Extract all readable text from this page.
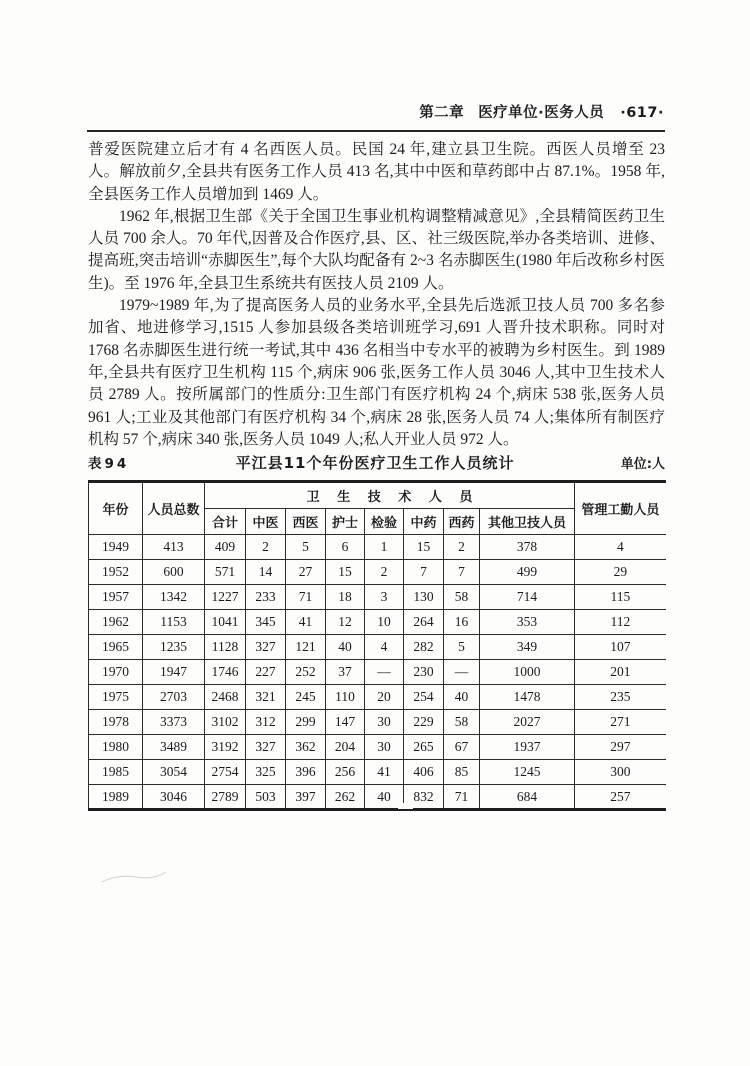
第二章 医疗单位·医务人员 ·617·

普爱医院建立后才有 4 名西医人员。民国 24 年,建立县卫生院。西医人员增至 23 人。解放前夕,全县共有医务工作人员 413 名,其中中医和草药郎中占 87.1%。1958 年,全县医务工作人员增加到 1469 人。

1962 年,根据卫生部《关于全国卫生事业机构调整精减意见》,全县精简医药卫生人员 700 余人。70 年代,因普及合作医疗,县、区、社三级医院,举办各类培训、进修、提高班,突击培训“赤脚医生”,每个大队均配备有 2~3 名赤脚医生(1980 年后改称乡村医生)。至 1976 年,全县卫生系统共有医技人员 2109 人。

1979~1989 年,为了提高医务人员的业务水平,全县先后选派卫技人员 700 多名参加省、地进修学习,1515 人参加县级各类培训班学习,691 人晋升技术职称。同时对 1768 名赤脚医生进行统一考试,其中 436 名相当中专水平的被聘为乡村医生。到 1989 年,全县共有医疗卫生机构 115 个,病床 906 张,医务工作人员 3046 人,其中卫生技术人员 2789 人。按所属部门的性质分:卫生部门有医疗机构 24 个,病床 538 张,医务人员 961 人;工业及其他部门有医疗机构 34 个,病床 28 张,医务人员 74 人;集体所有制医疗机构 57 个,病床 340 张,医务人员 1049 人;私人开业人员 972 人。

表94	平江县11个年份医疗卫生工作人员统计	单位:人
年份	人员总数	卫生技术人员								管理工勤人员
		合计	中医	西医	护士	检验	中药	西药	其他卫技人员	
1949	413	409	2	5	6	1	15	2	378	4
1952	600	571	14	27	15	2	7	7	499	29
1957	1342	1227	233	71	18	3	130	58	714	115
1962	1153	1041	345	41	12	10	264	16	353	112
1965	1235	1128	327	121	40	4	282	5	349	107
1970	1947	1746	227	252	37	—	230	—	1000	201
1975	2703	2468	321	245	110	20	254	40	1478	235
1978	3373	3102	312	299	147	30	229	58	2027	271
1980	3489	3192	327	362	204	30	265	67	1937	297
1985	3054	2754	325	396	256	41	406	85	1245	300
1989	3046	2789	503	397	262	40	832	71	684	257
